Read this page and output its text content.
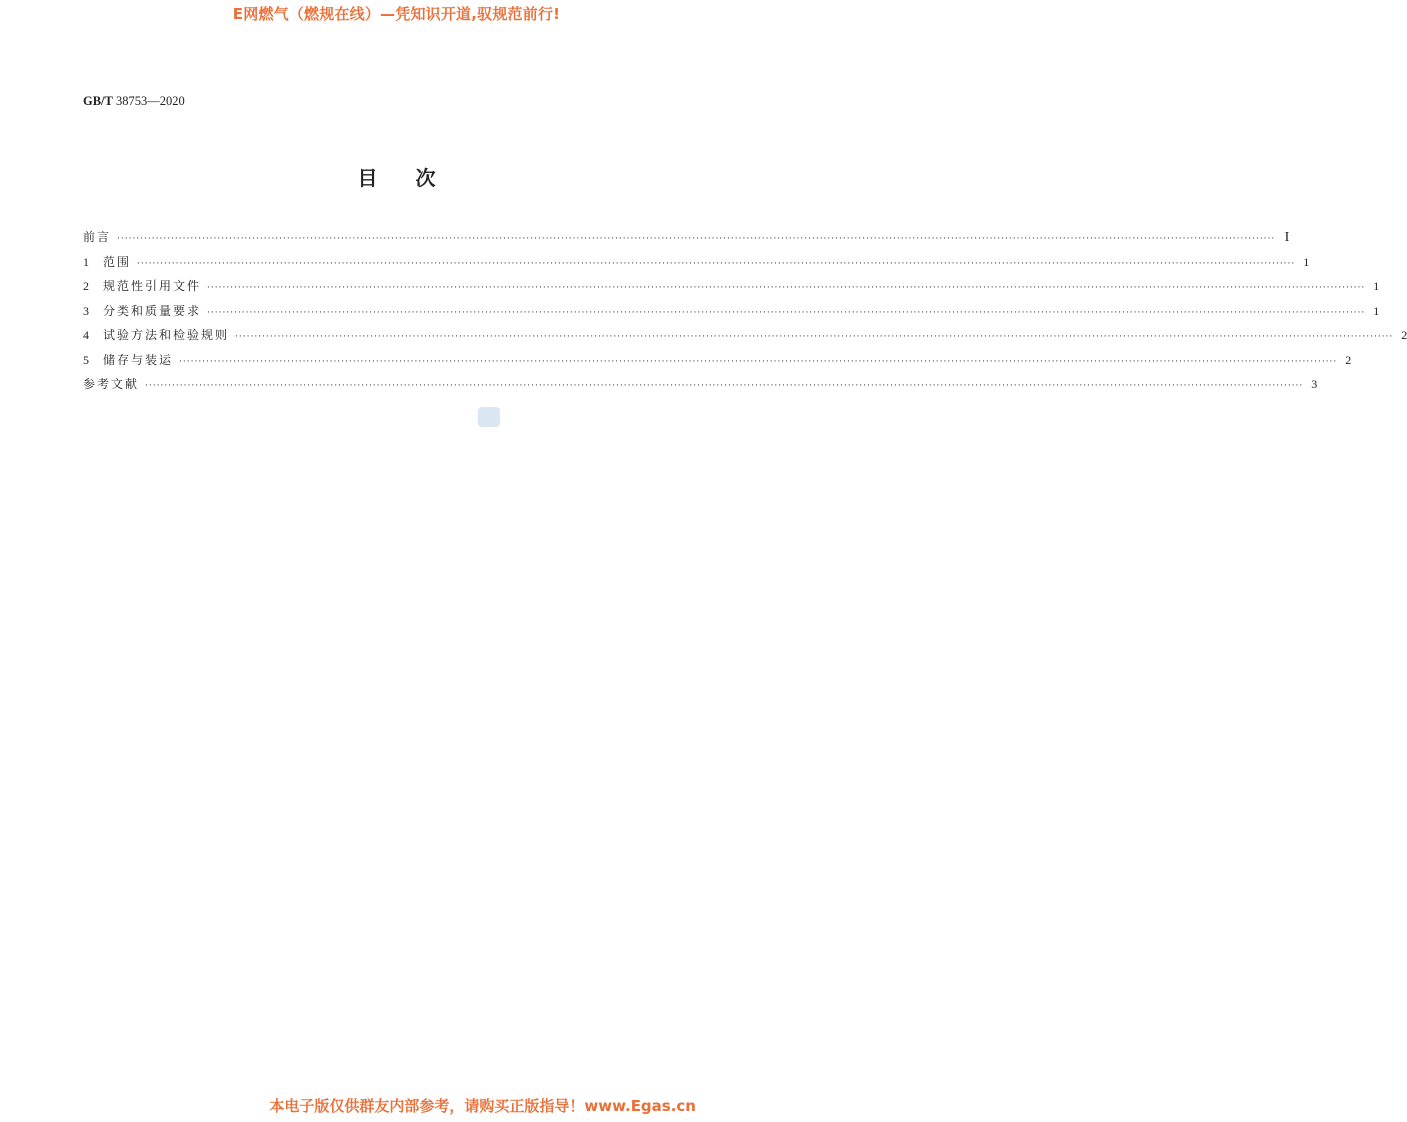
E网燃气（燃规在线）—凭知识开道,驭规范前行!
GB/T 38753—2020
目次
前言 ············································································································································································································································································································ I
1	范围 ············································································································································································································································································································ 1
2	规范性引用文件 ············································································································································································································································································································ 1
3	分类和质量要求 ············································································································································································································································································································ 1
4	试验方法和检验规则 ············································································································································································································································································································ 2
5	储存与装运 ············································································································································································································································································································ 2
参考文献 ············································································································································································································································································································ 3
本电子版仅供群友内部参考，请购买正版指导！www.Egas.cn
